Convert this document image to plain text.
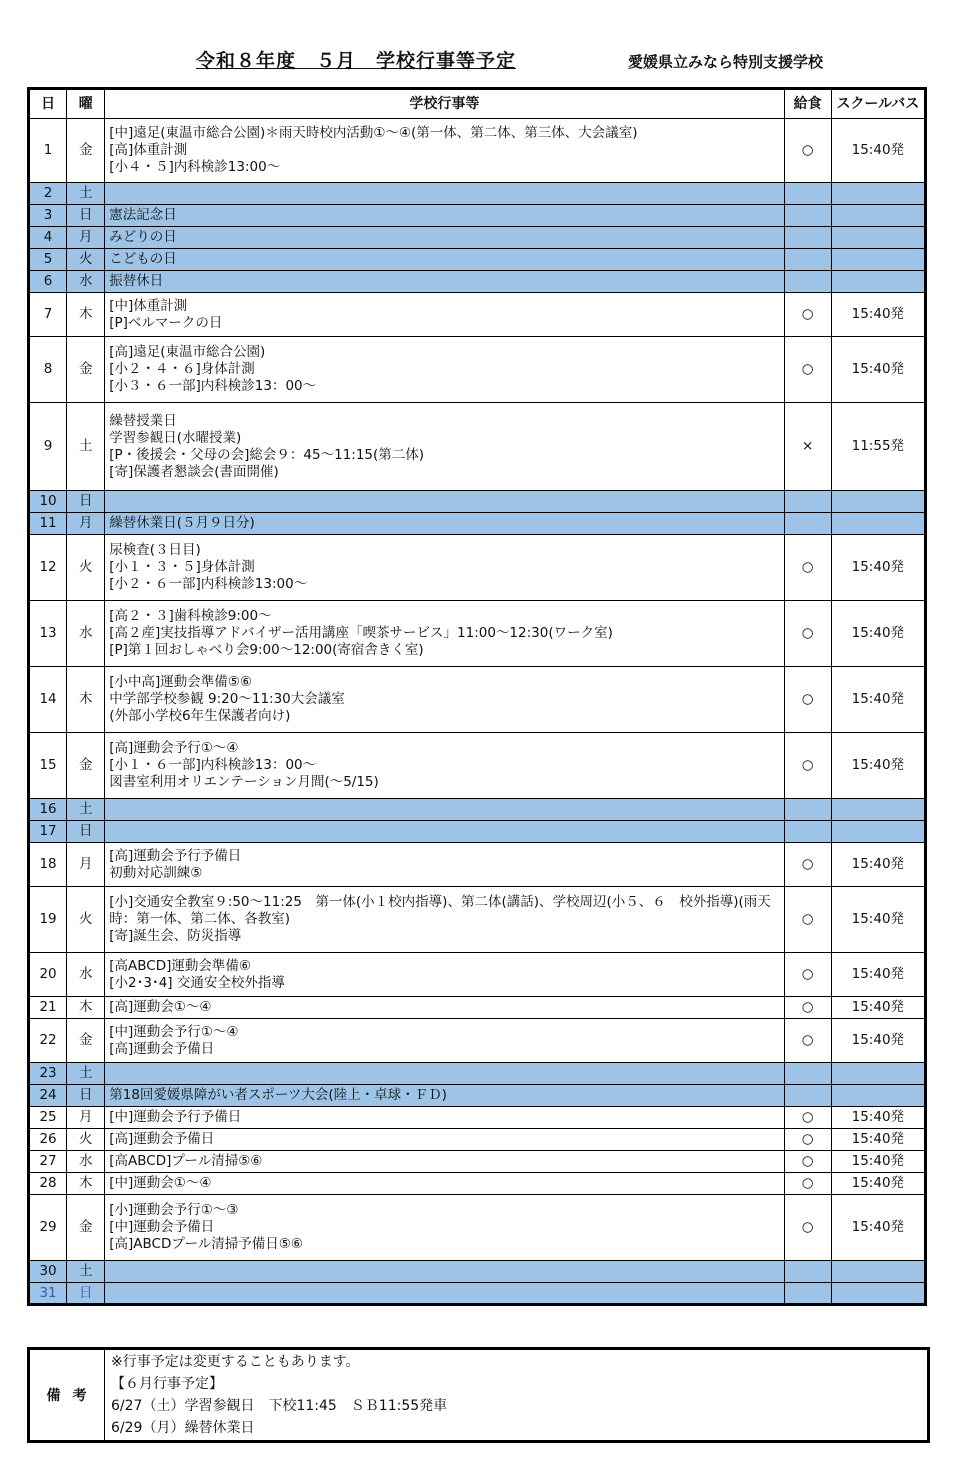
令和８年度　５月　学校行事等予定	愛媛県立みなら特別支援学校
日	曜	学校行事等	給食	スクールバス
1	金	[中]遠足(東温市総合公園)＊雨天時校内活動①～④(第一体、第二体、第三体、大会議室)
[高]体重計測
[小４・５]内科検診13:00～	○	15:40発
2	土			
3	日	憲法記念日		
4	月	みどりの日		
5	火	こどもの日		
6	水	振替休日		
7	木	[中]体重計測
[P]ベルマークの日	○	15:40発
8	金	[高]遠足(東温市総合公園)
[小２・４・６]身体計測
[小３・６一部]内科検診13：00～	○	15:40発
9	土	繰替授業日
学習参観日(水曜授業)
[P・後援会・父母の会]総会９：45～11:15(第二体)
[寄]保護者懇談会(書面開催)	×	11:55発
10	日			
11	月	繰替休業日(５月９日分)		
12	火	尿検査(３日目)
[小１・３・５]身体計測
[小２・６一部]内科検診13:00～	○	15:40発
13	水	[高２・３]歯科検診9:00～
[高２産]実技指導アドバイザー活用講座「喫茶サービス」11:00～12:30(ワーク室)
[P]第１回おしゃべり会9:00～12:00(寄宿舎きく室)	○	15:40発
14	木	[小中高]運動会準備⑤⑥
中学部学校参観 9:20～11:30大会議室
(外部小学校6年生保護者向け)	○	15:40発
15	金	[高]運動会予行①～④
[小１・６一部]内科検診13：00～
図書室利用オリエンテーション月間(～5/15)	○	15:40発
16	土			
17	日			
18	月	[高]運動会予行予備日
初動対応訓練⑤	○	15:40発
19	火	[小]交通安全教室９:50～11:25　第一体(小１校内指導)、第二体(講話)、学校周辺(小５、６　校外指導)(雨天時：第一体、第二体、各教室)
[寄]誕生会、防災指導	○	15:40発
20	水	[高ABCD]運動会準備⑥
[小2･3･4] 交通安全校外指導	○	15:40発
21	木	[高]運動会①～④	○	15:40発
22	金	[中]運動会予行①～④
[高]運動会予備日	○	15:40発
23	土			
24	日	第18回愛媛県障がい者スポーツ大会(陸上・卓球・ＦＤ)		
25	月	[中]運動会予行予備日	○	15:40発
26	火	[高]運動会予備日	○	15:40発
27	水	[高ABCD]プール清掃⑤⑥	○	15:40発
28	木	[中]運動会①～④	○	15:40発
29	金	[小]運動会予行①～③
[中]運動会予備日
[高]ABCDプール清掃予備日⑤⑥	○	15:40発
30	土			
31	日			
備考	※行事予定は変更することもあります。
【６月行事予定】
6/27（土）学習参観日　下校11:45　ＳＢ11:55発車
6/29（月）繰替休業日
